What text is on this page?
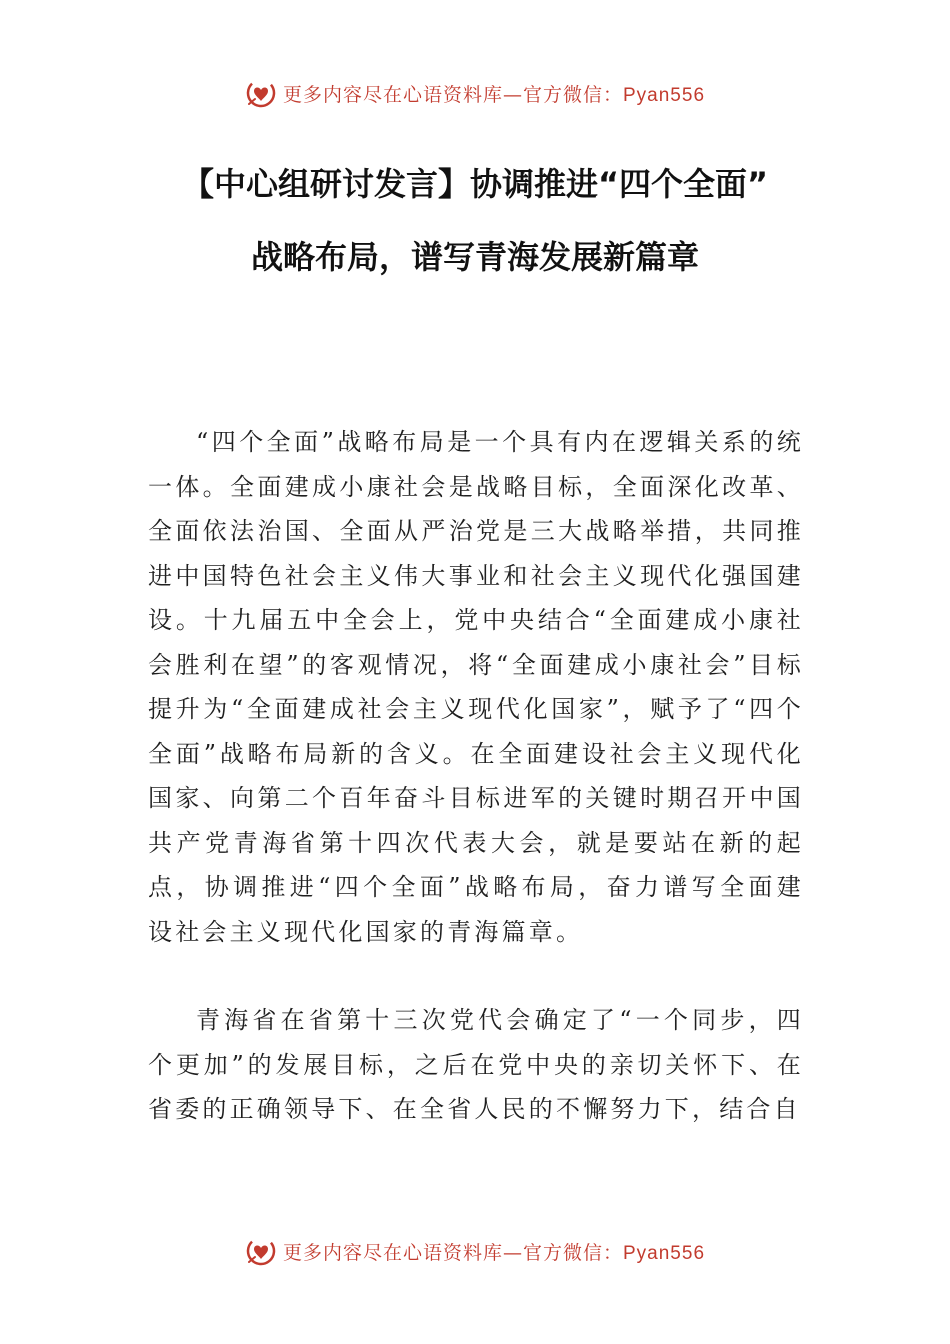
更多内容尽在心语资料库—官方微信：Pyan556
【中心组研讨发言】协调推进“四个全面”
战略布局，谱写青海发展新篇章

“四个全面”战略布局是一个具有内在逻辑关系的统一体。全面建成小康社会是战略目标，全面深化改革、全面依法治国、全面从严治党是三大战略举措，共同推进中国特色社会主义伟大事业和社会主义现代化强国建设。十九届五中全会上，党中央结合“全面建成小康社会胜利在望”的客观情况，将“全面建成小康社会”目标提升为“全面建成社会主义现代化国家”，赋予了“四个全面”战略布局新的含义。在全面建设社会主义现代化国家、向第二个百年奋斗目标进军的关键时期召开中国共产党青海省第十四次代表大会，就是要站在新的起点，协调推进“四个全面”战略布局，奋力谱写全面建设社会主义现代化国家的青海篇章。

青海省在省第十三次党代会确定了“一个同步，四个更加”的发展目标，之后在党中央的亲切关怀下、在省委的正确领导下、在全省人民的不懈努力下，结合自

更多内容尽在心语资料库—官方微信：Pyan556
